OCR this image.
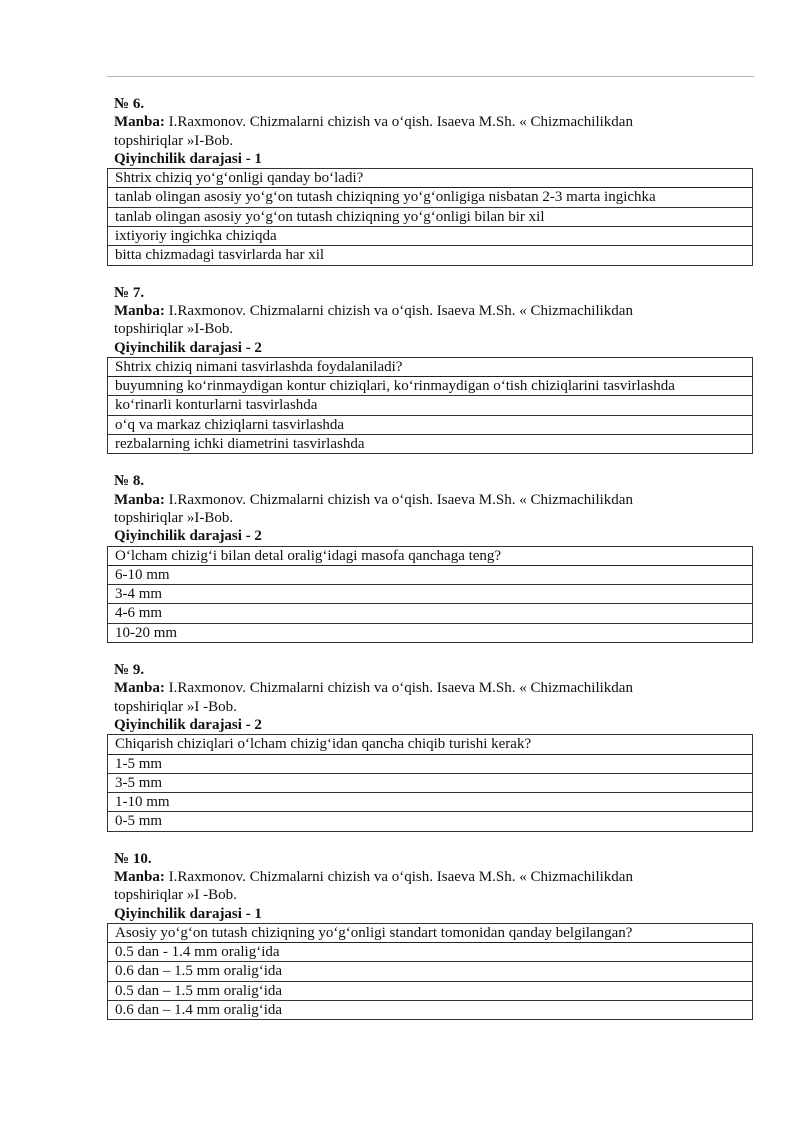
№ 6.
Manba: I.Raxmonov. Chizmalarni chizish va o‘qish. Isaeva M.Sh. « Chizmachilikdan
topshiriqlar »I-Bob.
Qiyinchilik darajasi - 1
Shtrix chiziq yo‘g‘onligi qanday bo‘ladi?
tanlab olingan asosiy yo‘g‘on tutash chiziqning yo‘g‘onligiga nisbatan 2-3 marta ingichka
tanlab olingan asosiy yo‘g‘on tutash chiziqning yo‘g‘onligi bilan bir xil
ixtiyoriy ingichka chiziqda
bitta chizmadagi tasvirlarda har xil
№ 7.
Manba: I.Raxmonov. Chizmalarni chizish va o‘qish. Isaeva M.Sh. « Chizmachilikdan
topshiriqlar »I-Bob.
Qiyinchilik darajasi - 2
Shtrix chiziq nimani tasvirlashda foydalaniladi?
buyumning ko‘rinmaydigan kontur chiziqlari, ko‘rinmaydigan o‘tish chiziqlarini tasvirlashda
ko‘rinarli konturlarni tasvirlashda
o‘q va markaz chiziqlarni tasvirlashda
rezbalarning ichki diametrini tasvirlashda
№ 8.
Manba: I.Raxmonov. Chizmalarni chizish va o‘qish. Isaeva M.Sh. « Chizmachilikdan
topshiriqlar »I-Bob.
Qiyinchilik darajasi - 2
O‘lcham chizig‘i bilan detal oralig‘idagi masofa qanchaga teng?
6-10 mm
3-4 mm
4-6 mm
10-20 mm
№ 9.
Manba: I.Raxmonov. Chizmalarni chizish va o‘qish. Isaeva M.Sh. « Chizmachilikdan
topshiriqlar »I -Bob.
Qiyinchilik darajasi - 2
Chiqarish chiziqlari o‘lcham chizig‘idan qancha chiqib turishi kerak?
1-5 mm
3-5 mm
1-10 mm
0-5 mm
№ 10.
Manba: I.Raxmonov. Chizmalarni chizish va o‘qish. Isaeva M.Sh. « Chizmachilikdan
topshiriqlar »I -Bob.
Qiyinchilik darajasi - 1
Asosiy yo‘g‘on tutash chiziqning yo‘g‘onligi standart tomonidan qanday belgilangan?
0.5 dan - 1.4 mm oralig‘ida
0.6 dan – 1.5 mm oralig‘ida
0.5 dan – 1.5 mm oralig‘ida
0.6 dan – 1.4 mm oralig‘ida
